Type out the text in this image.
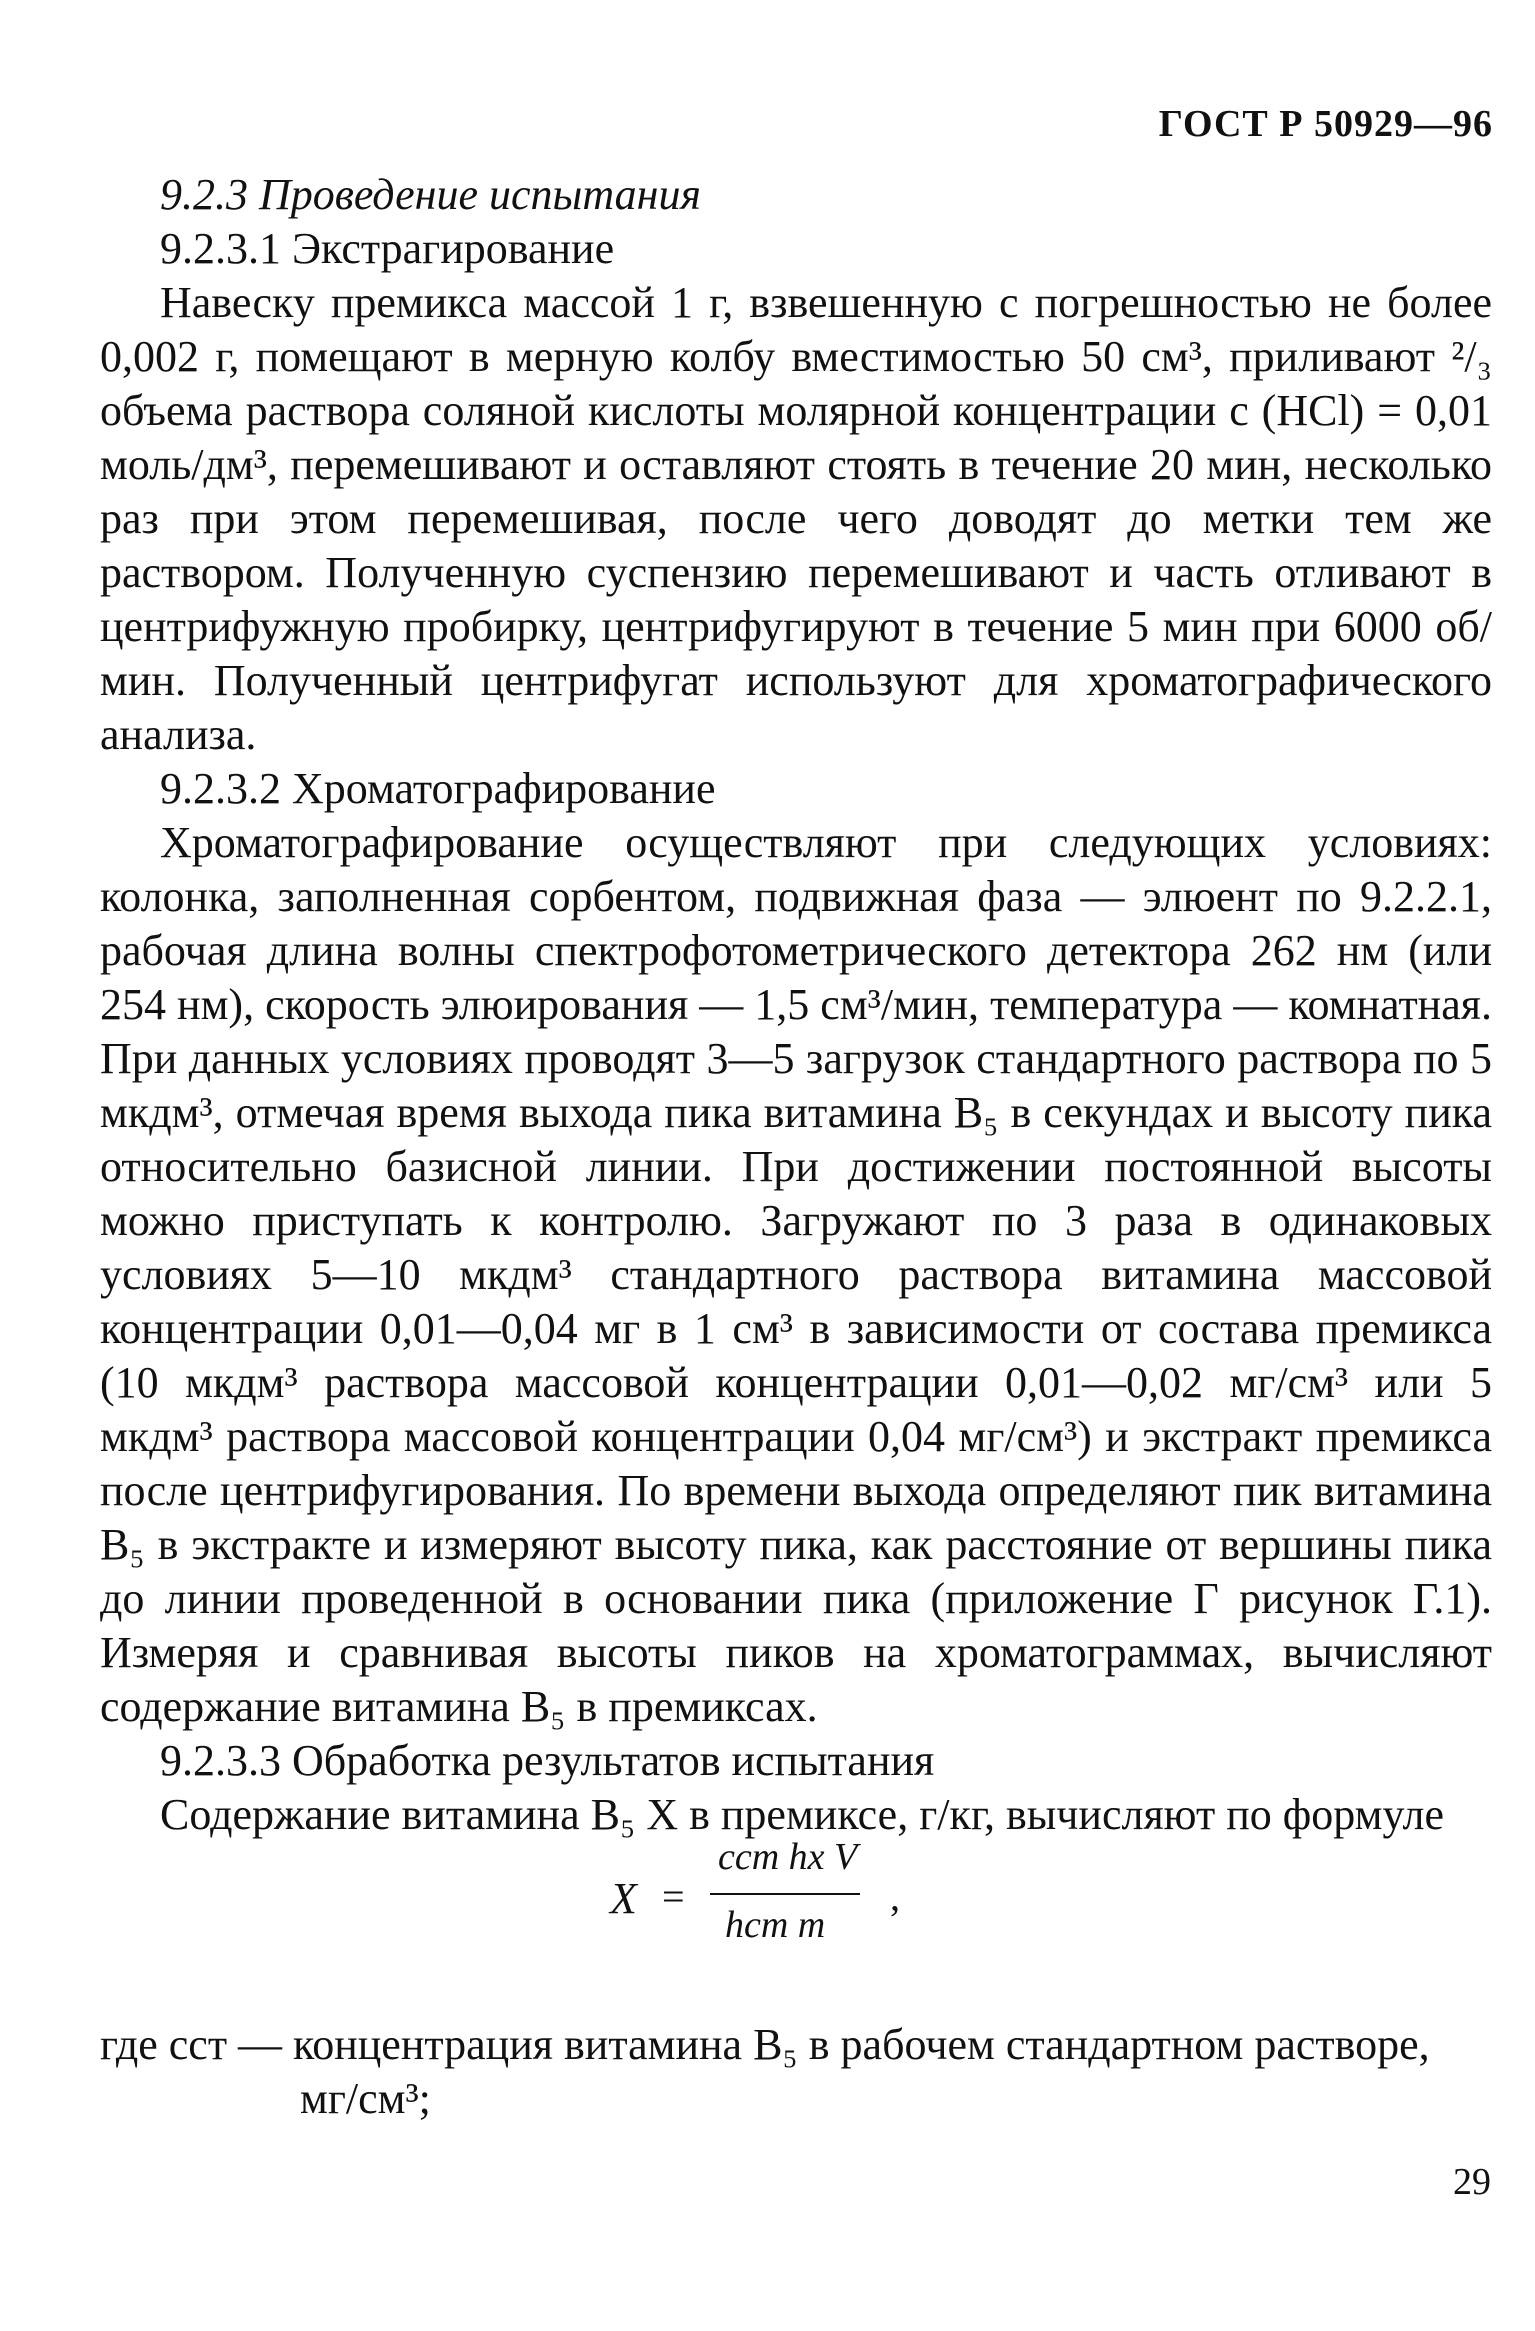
ГОСТ Р 50929—96
9.2.3 Проведение испытания
9.2.3.1 Экстрагирование

Навеску премикса массой 1 г, взвешенную с погрешностью не более 0,002 г, помещают в мерную колбу вместимостью 50 см³, приливают ²/₃ объема раствора соляной кислоты молярной концентрации с (HCl) = 0,01 моль/дм³, перемешивают и оставляют стоять в течение 20 мин, несколько раз при этом перемешивая, после чего доводят до метки тем же раствором. Полученную суспензию перемешивают и часть отливают в центрифужную пробирку, центрифугируют в течение 5 мин при 6000 об/мин. Полученный центрифугат используют для хроматографического анализа.

9.2.3.2 Хроматографирование

Хроматографирование осуществляют при следующих условиях: колонка, заполненная сорбентом, подвижная фаза — элюент по 9.2.2.1, рабочая длина волны спектрофотометрического детектора 262 нм (или 254 нм), скорость элюирования — 1,5 см³/мин, температура — комнатная. При данных условиях проводят 3—5 загрузок стандартного раствора по 5 мкдм³, отмечая время выхода пика витамина B₅ в секундах и высоту пика относительно базисной линии. При достижении постоянной высоты можно приступать к контролю. Загружают по 3 раза в одинаковых условиях 5—10 мкдм³ стандартного раствора витамина массовой концентрации 0,01—0,04 мг в 1 см³ в зависимости от состава премикса (10 мкдм³ раствора массовой концентрации 0,01—0,02 мг/см³ или 5 мкдм³ раствора массовой концентрации 0,04 мг/см³) и экстракт премикса после центрифугирования. По времени выхода определяют пик витамина B₅ в экстракте и измеряют высоту пика, как расстояние от вершины пика до линии проведенной в основании пика (приложение Г рисунок Г.1). Измеряя и сравнивая высоты пиков на хроматограммах, вычисляют содержание витамина B₅ в премиксах.

9.2.3.3 Обработка результатов испытания

Содержание витамина B₅ X в премиксе, г/кг, вычисляют по формуле

X =
cст hx V
hст m
,
где cст — концентрация витамина B₅ в рабочем стандартном растворе,
мг/см³;
29
